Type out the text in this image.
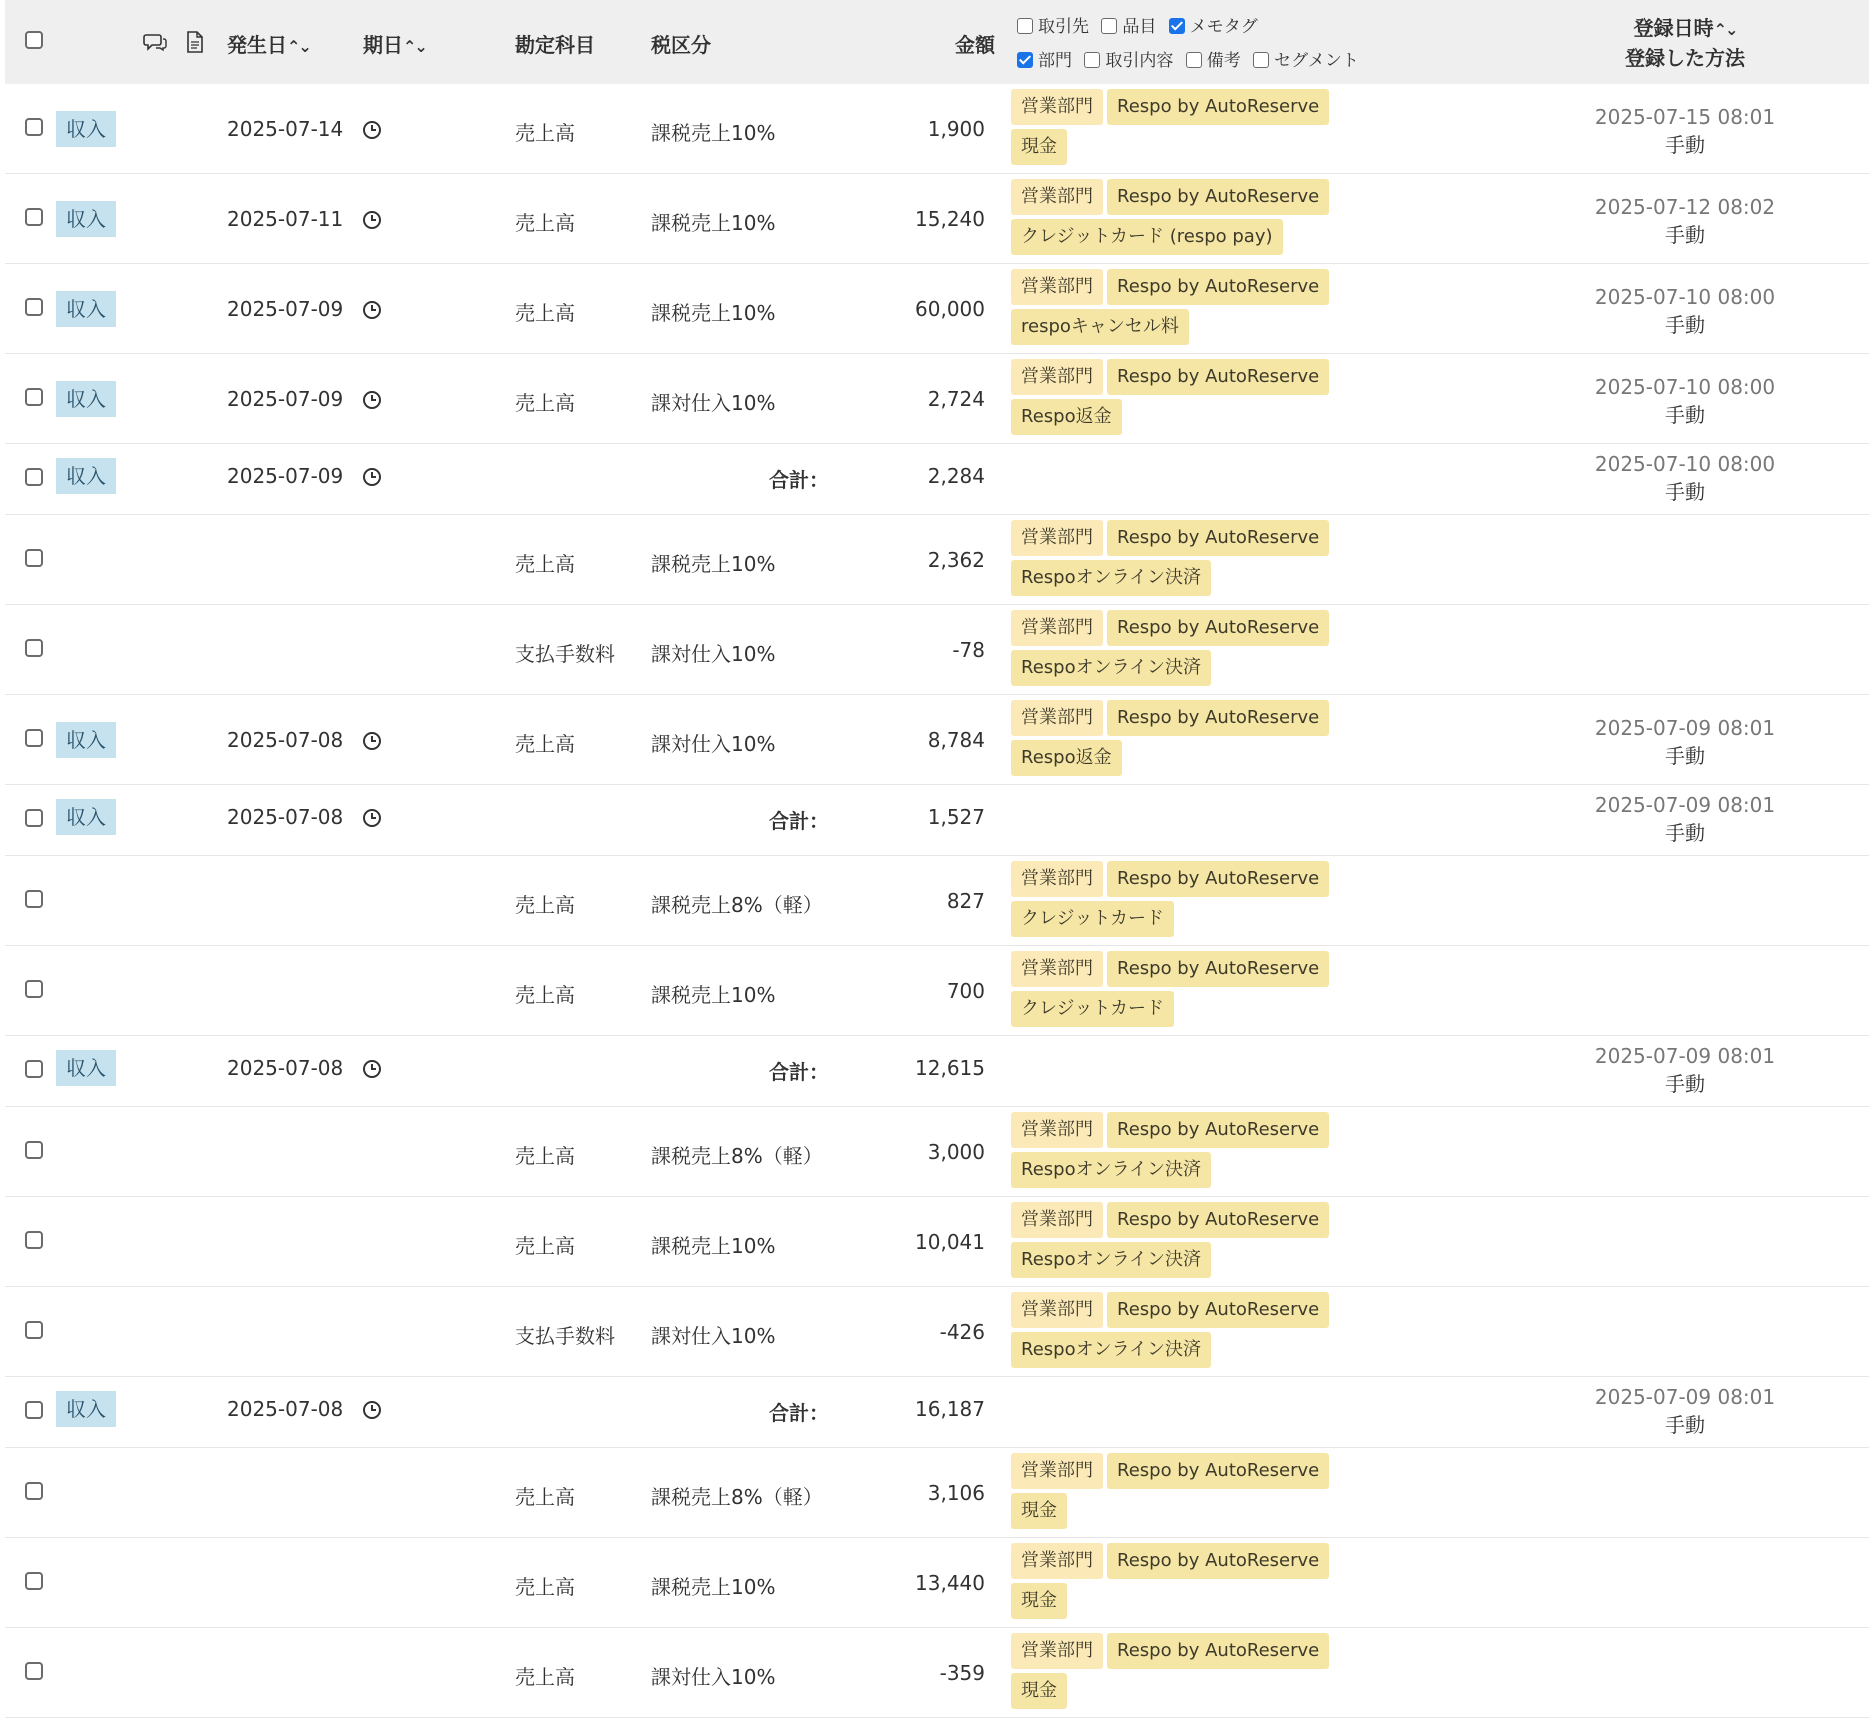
発生日⌃⌄	期日⌃⌄	勘定科目	税区分	金額
取引先 品目 メモタグ
部門 取引内容 備考 セグメント
登録日時⌃⌄
登録した方法
収入	2025-07-14	売上高	課税売上10%	1,900
営業部門 Respo by AutoReserve
現金
2025-07-15 08:01
手動
収入	2025-07-11	売上高	課税売上10%	15,240
営業部門 Respo by AutoReserve
クレジットカード (respo pay)
2025-07-12 08:02
手動
収入	2025-07-09	売上高	課税売上10%	60,000
営業部門 Respo by AutoReserve
respoキャンセル料
2025-07-10 08:00
手動
収入	2025-07-09	売上高	課対仕入10%	2,724
営業部門 Respo by AutoReserve
Respo返金
2025-07-10 08:00
手動
収入	2025-07-09	合計：	2,284	2025-07-10 08:00
手動
売上高	課税売上10%	2,362
営業部門 Respo by AutoReserve
Respoオンライン決済
支払手数料 課対仕入10%	-78
営業部門 Respo by AutoReserve
Respoオンライン決済
収入	2025-07-08	売上高	課対仕入10%	8,784
営業部門 Respo by AutoReserve
Respo返金
2025-07-09 08:01
手動
収入	2025-07-08	合計：	1,527	2025-07-09 08:01
手動
売上高	課税売上8%（軽）	827
営業部門 Respo by AutoReserve
クレジットカード
売上高	課税売上10%	700
営業部門 Respo by AutoReserve
クレジットカード
収入	2025-07-08	合計：	12,615	2025-07-09 08:01
手動
売上高	課税売上8%（軽）	3,000
営業部門 Respo by AutoReserve
Respoオンライン決済
売上高	課税売上10%	10,041
営業部門 Respo by AutoReserve
Respoオンライン決済
支払手数料 課対仕入10%	-426
営業部門 Respo by AutoReserve
Respoオンライン決済
収入	2025-07-08	合計：	16,187	2025-07-09 08:01
手動
売上高	課税売上8%（軽）	3,106
営業部門 Respo by AutoReserve
現金
売上高	課税売上10%	13,440
営業部門 Respo by AutoReserve
現金
売上高	課対仕入10%	-359
営業部門 Respo by AutoReserve
現金
